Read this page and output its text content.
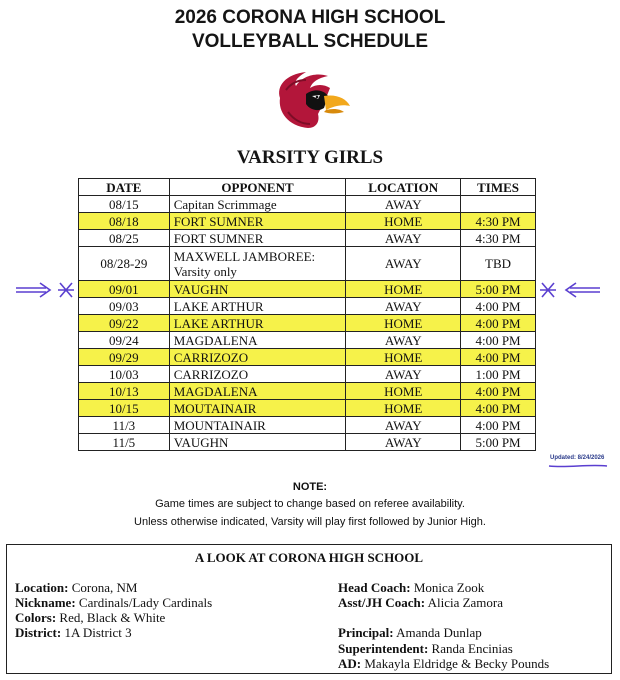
2026 CORONA HIGH SCHOOL
VOLLEYBALL SCHEDULE
VARSITY GIRLS
DATE	OPPONENT	LOCATION	TIMES
08/15	Capitan Scrimmage	AWAY	
08/18	FORT SUMNER	HOME	4:30 PM
08/25	FORT SUMNER	AWAY	4:30 PM
08/28-29	MAXWELL JAMBOREE:
Varsity only	AWAY	TBD
09/01	VAUGHN	HOME	5:00 PM
09/03	LAKE ARTHUR	AWAY	4:00 PM
09/22	LAKE ARTHUR	HOME	4:00 PM
09/24	MAGDALENA	AWAY	4:00 PM
09/29	CARRIZOZO	HOME	4:00 PM
10/03	CARRIZOZO	AWAY	1:00 PM
10/13	MAGDALENA	HOME	4:00 PM
10/15	MOUTAINAIR	HOME	4:00 PM
11/3	MOUNTAINAIR	AWAY	4:00 PM
11/5	VAUGHN	AWAY	5:00 PM
Updated: 8/24/2026
NOTE:
Game times are subject to change based on referee availability.
Unless otherwise indicated, Varsity will play first followed by Junior High.
A LOOK AT CORONA HIGH SCHOOL
Location: Corona, NM
Nickname: Cardinals/Lady Cardinals
Colors: Red, Black & White
District: 1A District 3
Head Coach: Monica Zook
Asst/JH Coach: Alicia Zamora
Principal: Amanda Dunlap
Superintendent: Randa Encinias
AD: Makayla Eldridge & Becky Pounds
